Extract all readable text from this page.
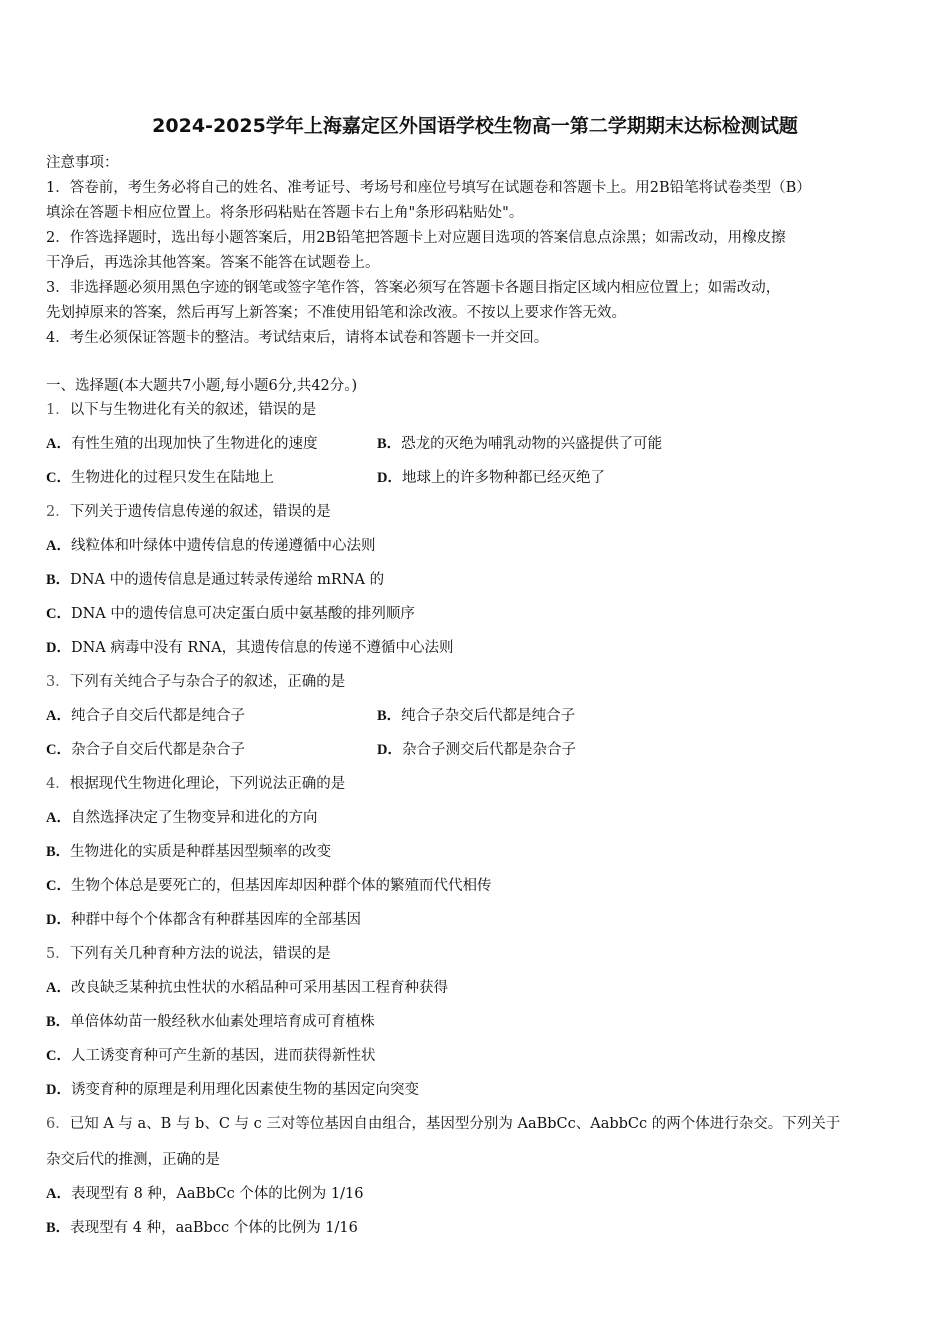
2024-2025学年上海嘉定区外国语学校生物高一第二学期期末达标检测试题

注意事项：

1．答卷前，考生务必将自己的姓名、准考证号、考场号和座位号填写在试题卷和答题卡上。用2B铅笔将试卷类型（B）

填涂在答题卡相应位置上。将条形码粘贴在答题卡右上角"条形码粘贴处"。

2．作答选择题时，选出每小题答案后，用2B铅笔把答题卡上对应题目选项的答案信息点涂黑；如需改动，用橡皮擦

干净后，再选涂其他答案。答案不能答在试题卷上。

3．非选择题必须用黑色字迹的钢笔或签字笔作答，答案必须写在答题卡各题目指定区域内相应位置上；如需改动，

先划掉原来的答案，然后再写上新答案；不准使用铅笔和涂改液。不按以上要求作答无效。

4．考生必须保证答题卡的整洁。考试结束后，请将本试卷和答题卡一并交回。

一、选择题(本大题共7小题,每小题6分,共42分。)
1．以下与生物进化有关的叙述，错误的是
A．有性生殖的出现加快了生物进化的速度	B．恐龙的灭绝为哺乳动物的兴盛提供了可能
C．生物进化的过程只发生在陆地上	D．地球上的许多物种都已经灭绝了
2．下列关于遗传信息传递的叙述，错误的是
A．线粒体和叶绿体中遗传信息的传递遵循中心法则
B．DNA 中的遗传信息是通过转录传递给 mRNA 的
C．DNA 中的遗传信息可决定蛋白质中氨基酸的排列顺序
D．DNA 病毒中没有 RNA，其遗传信息的传递不遵循中心法则
3．下列有关纯合子与杂合子的叙述，正确的是
A．纯合子自交后代都是纯合子	B．纯合子杂交后代都是纯合子
C．杂合子自交后代都是杂合子	D．杂合子测交后代都是杂合子
4．根据现代生物进化理论，下列说法正确的是
A．自然选择决定了生物变异和进化的方向
B．生物进化的实质是种群基因型频率的改变
C．生物个体总是要死亡的，但基因库却因种群个体的繁殖而代代相传
D．种群中每个个体都含有种群基因库的全部基因
5．下列有关几种育种方法的说法，错误的是
A．改良缺乏某种抗虫性状的水稻品种可采用基因工程育种获得
B．单倍体幼苗一般经秋水仙素处理培育成可育植株
C．人工诱变育种可产生新的基因，进而获得新性状
D．诱变育种的原理是利用理化因素使生物的基因定向突变
6．已知 A 与 a、B 与 b、C 与 c 三对等位基因自由组合，基因型分别为 AaBbCc、AabbCc 的两个体进行杂交。下列关于
杂交后代的推测，正确的是
A．表现型有 8 种，AaBbCc 个体的比例为 1/16
B．表现型有 4 种，aaBbcc 个体的比例为 1/16
